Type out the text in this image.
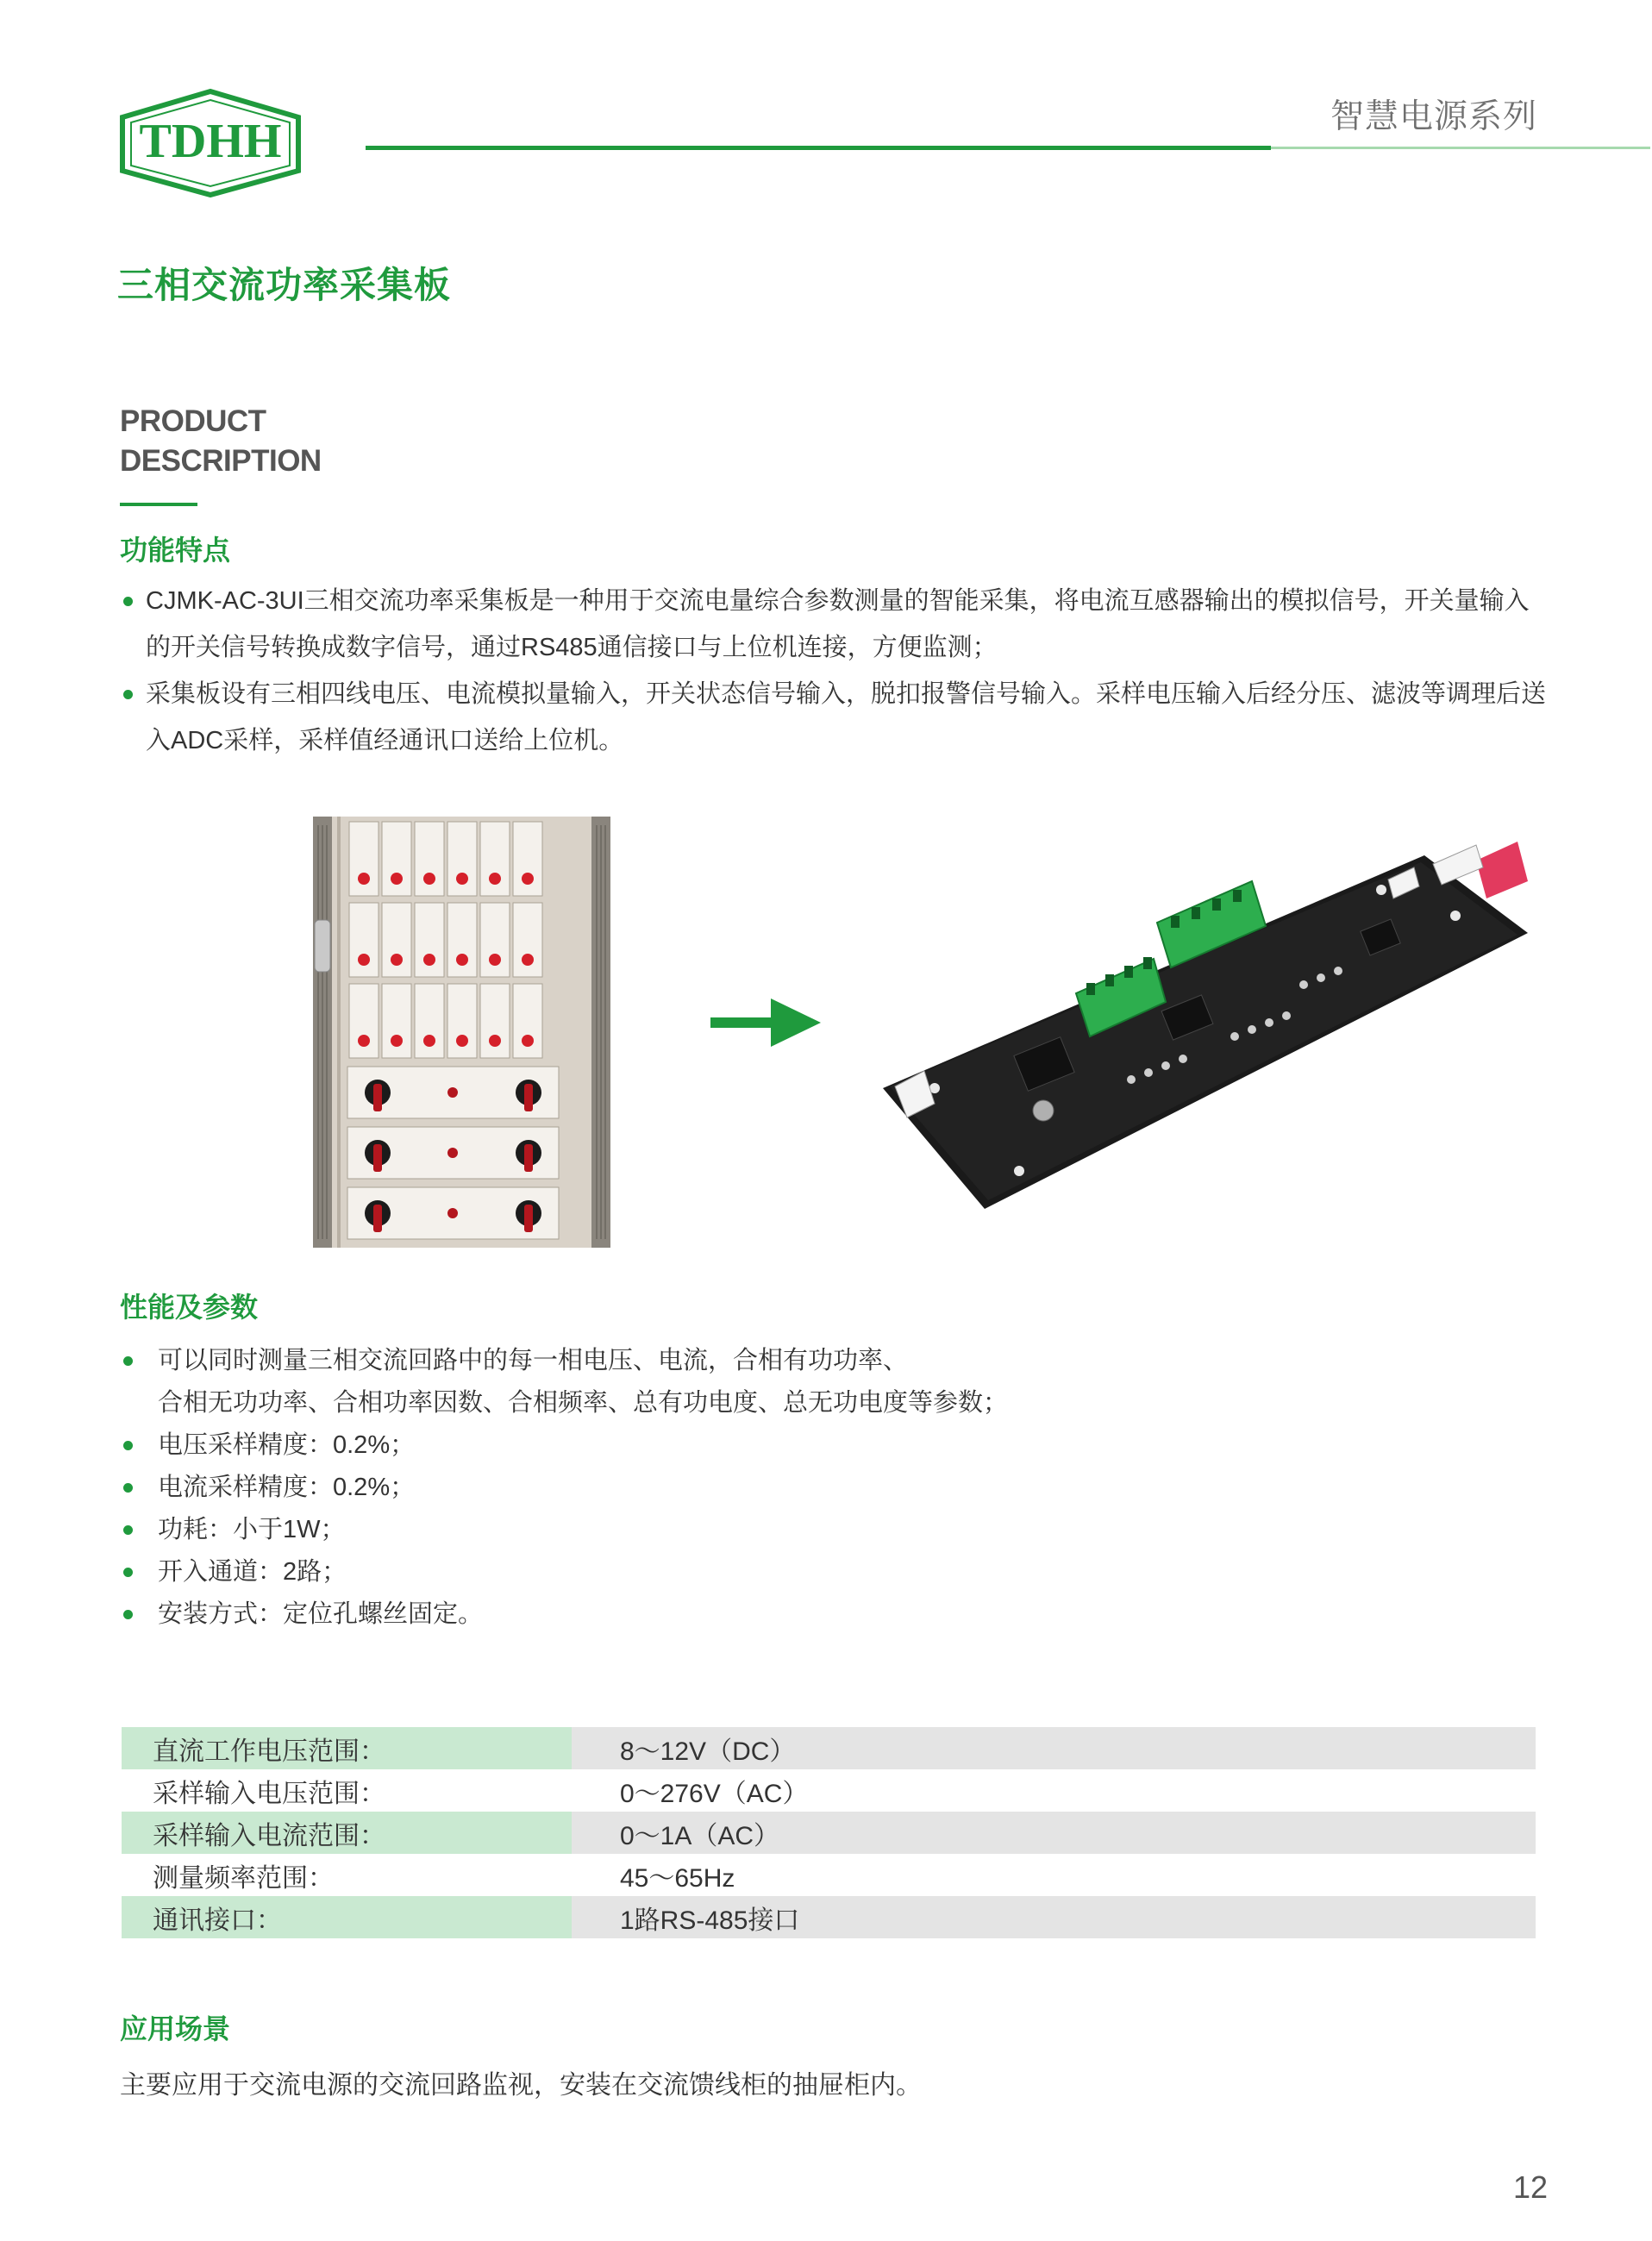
TDHH	智慧电源系列
三相交流功率采集板
PRODUCT
DESCRIPTION
功能特点
CJMK-AC-3UI三相交流功率采集板是一种用于交流电量综合参数测量的智能采集，将电流互感器输出的模拟信号，开关量输入的开关信号转换成数字信号，通过RS485通信接口与上位机连接，方便监测；
采集板设有三相四线电压、电流模拟量输入，开关状态信号输入，脱扣报警信号输入。采样电压输入后经分压、滤波等调理后送入ADC采样，采样值经通讯口送给上位机。
性能及参数
可以同时测量三相交流回路中的每一相电压、电流，合相有功功率、
合相无功功率、合相功率因数、合相频率、总有功电度、总无功电度等参数；
电压采样精度：0.2%；
电流采样精度：0.2%；
功耗：小于1W；
开入通道：2路；
安装方式：定位孔螺丝固定。
直流工作电压范围：	8～12V（DC）
采样输入电压范围：	0～276V（AC）
采样输入电流范围：	0～1A（AC）
测量频率范围：	45～65Hz
通讯接口：	1路RS-485接口
应用场景
主要应用于交流电源的交流回路监视，安装在交流馈线柜的抽屉柜内。
12
